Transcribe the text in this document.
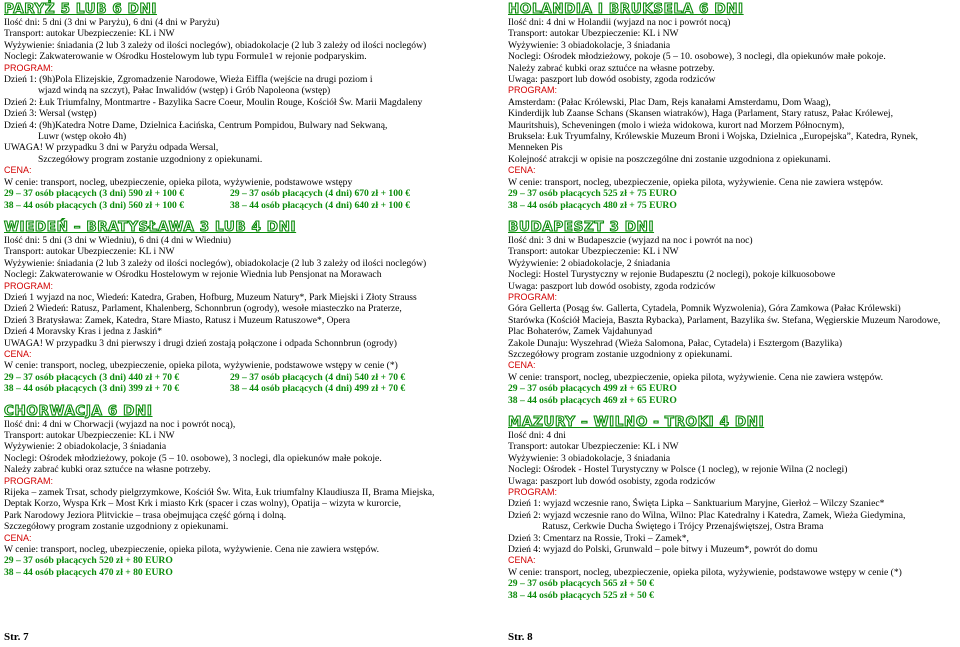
PARYŻ 5 LUB 6 DNI
Ilość dni: 5 dni (3 dni w Paryżu), 6 dni (4 dni w Paryżu)
Transport: autokar Ubezpieczenie: KL i NW
Wyżywienie: śniadania (2 lub 3 zależy od ilości noclegów), obiadokolacje (2 lub 3 zależy od ilości noclegów)
Noclegi: Zakwaterowanie w Ośrodku Hostelowym lub typu Formule1 w rejonie podparyskim.
PROGRAM:
Dzień 1: (9h)Pola Elizejskie, Zgromadzenie Narodowe, Wieża Eiffla (wejście na drugi poziom i
wjazd windą na szczyt), Pałac Inwalidów (wstęp) i Grób Napoleona (wstęp)
Dzień 2: Łuk Triumfalny, Montmartre - Bazylika Sacre Coeur, Moulin Rouge, Kościół Św. Marii Magdaleny
Dzień 3: Wersal (wstęp)
Dzień 4: (9h)Katedra Notre Dame, Dzielnica Łacińska, Centrum Pompidou, Bulwary nad Sekwaną,
Luwr (wstęp około 4h)
UWAGA! W przypadku 3 dni w Paryżu odpada Wersal,
Szczegółowy program zostanie uzgodniony z opiekunami.
CENA:
W cenie: transport, nocleg, ubezpieczenie, opieka pilota, wyżywienie, podstawowe wstępy
29 – 37 osób płacących (3 dni) 590 zł + 100 €	29 – 37 osób płacących (4 dni) 670 zł + 100 €
38 – 44 osób płacących (3 dni) 560 zł + 100 €	38 – 44 osób płacących (4 dni) 640 zł + 100 €
WIEDEŃ – BRATYSŁAWA 3 LUB 4 DNI
Ilość dni: 5 dni (3 dni w Wiedniu), 6 dni (4 dni w Wiedniu)
Transport: autokar Ubezpieczenie: KL i NW
Wyżywienie: śniadania (2 lub 3 zależy od ilości noclegów), obiadokolacje (2 lub 3 zależy od ilości noclegów)
Noclegi: Zakwaterowanie w Ośrodku Hostelowym w rejonie Wiednia lub Pensjonat na Morawach
PROGRAM:
Dzień 1 wyjazd na noc, Wiedeń: Katedra, Graben, Hofburg, Muzeum Natury*, Park Miejski i Złoty Strauss
Dzień 2 Wiedeń: Ratusz, Parlament, Khalenberg, Schonnbrun (ogrody), wesołe miasteczko na Praterze,
Dzień 3 Bratysława: Zamek, Katedra, Stare Miasto, Ratusz i Muzeum Ratuszowe*, Opera
Dzień 4 Moravsky Kras i jedna z Jaskiń*
UWAGA! W przypadku 3 dni pierwszy i drugi dzień zostają połączone i odpada Schonnbrun (ogrody)
CENA:
W cenie: transport, nocleg, ubezpieczenie, opieka pilota, wyżywienie, podstawowe wstępy w cenie (*)
29 – 37 osób płacących (3 dni) 440 zł + 70 €	29 – 37 osób płacących (4 dni) 540 zł + 70 €
38 – 44 osób płacących (3 dni) 399 zł + 70 €	38 – 44 osób płacących (4 dni) 499 zł + 70 €
CHORWACJA 6 DNI
Ilość dni: 4 dni w Chorwacji (wyjazd na noc i powrót nocą),
Transport: autokar Ubezpieczenie: KL i NW
Wyżywienie: 2 obiadokolacje, 3 śniadania
Noclegi: Ośrodek młodzieżowy, pokoje (5 – 10. osobowe), 3 noclegi, dla opiekunów małe pokoje.
Należy zabrać kubki oraz sztućce na własne potrzeby.
PROGRAM:
Rijeka – zamek Trsat, schody pielgrzymkowe, Kościół Św. Wita, Łuk triumfalny Klaudiusza II, Brama Miejska,
Deptak Korzo, Wyspa Krk – Most Krk i miasto Krk (spacer i czas wolny), Opatija – wizyta w kurorcie,
Park Narodowy Jeziora Plitvickie – trasa obejmująca część górną i dolną.
Szczegółowy program zostanie uzgodniony z opiekunami.
CENA:
W cenie: transport, nocleg, ubezpieczenie, opieka pilota, wyżywienie. Cena nie zawiera wstępów.
29 – 37 osób płacących 520 zł + 80 EURO
38 – 44 osób płacących 470 zł + 80 EURO
HOLANDIA I BRUKSELA 6 DNI
Ilość dni: 4 dni w Holandii (wyjazd na noc i powrót nocą)
Transport: autokar Ubezpieczenie: KL i NW
Wyżywienie: 3 obiadokolacje, 3 śniadania
Noclegi: Ośrodek młodzieżowy, pokoje (5 – 10. osobowe), 3 noclegi, dla opiekunów małe pokoje.
Należy zabrać kubki oraz sztućce na własne potrzeby.
Uwaga: paszport lub dowód osobisty, zgoda rodziców
PROGRAM:
Amsterdam: (Pałac Królewski, Plac Dam, Rejs kanałami Amsterdamu, Dom Waag),
Kinderdijk lub Zaanse Schans (Skansen wiatraków), Haga (Parlament, Stary ratusz, Pałac Królewej,
Mauritshuis), Scheveningen (molo i wieża widokowa, kurort nad Morzem Północnym),
Bruksela: Łuk Tryumfalny, Królewskie Muzeum Broni i Wojska, Dzielnica „Europejska”, Katedra, Rynek,
Menneken Pis
Kolejność atrakcji w opisie na poszczególne dni zostanie uzgodniona z opiekunami.
CENA:
W cenie: transport, nocleg, ubezpieczenie, opieka pilota, wyżywienie. Cena nie zawiera wstępów.
29 – 37 osób płacących 525 zł + 75 EURO
38 – 44 osób płacących 480 zł + 75 EURO
BUDAPESZT 3 DNI
Ilość dni: 3 dni w Budapeszcie (wyjazd na noc i powrót na noc)
Transport: autokar Ubezpieczenie: KL i NW
Wyżywienie: 2 obiadokolacje, 2 śniadania
Noclegi: Hostel Turystyczny w rejonie Budapesztu (2 noclegi), pokoje kilkuosobowe
Uwaga: paszport lub dowód osobisty, zgoda rodziców
PROGRAM:
Góra Gellerta (Posąg św. Gallerta, Cytadela, Pomnik Wyzwolenia), Góra Zamkowa (Pałac Królewski)
Starówka (Kościół Macieja, Baszta Rybacka), Parlament, Bazylika św. Stefana, Węgierskie Muzeum Narodowe,
Plac Bohaterów, Zamek Vajdahunyad
Zakole Dunaju: Wyszehrad (Wieża Salomona, Pałac, Cytadela) i Esztergom (Bazylika)
Szczegółowy program zostanie uzgodniony z opiekunami.
CENA:
W cenie: transport, nocleg, ubezpieczenie, opieka pilota, wyżywienie. Cena nie zawiera wstępów.
29 – 37 osób płacących 499 zł + 65 EURO
38 – 44 osób płacących 469 zł + 65 EURO
MAZURY – WILNO - TROKI 4 DNI
Ilość dni: 4 dni
Transport: autokar Ubezpieczenie: KL i NW
Wyżywienie: 3 obiadokolacje, 3 śniadania
Noclegi: Ośrodek - Hostel Turystyczny w Polsce (1 nocleg), w rejonie Wilna (2 noclegi)
Uwaga: paszport lub dowód osobisty, zgoda rodziców
PROGRAM:
Dzień 1: wyjazd wczesnie rano, Święta Lipka – Sanktuarium Maryjne, Gierłoż – Wilczy Szaniec*
Dzień 2: wyjazd wczesnie rano do Wilna, Wilno: Plac Katedralny i Katedra, Zamek, Wieża Giedymina,
Ratusz, Cerkwie Ducha Świętego i Trójcy Przenajświętszej, Ostra Brama
Dzień 3: Cmentarz na Rossie, Troki – Zamek*,
Dzień 4: wyjazd do Polski, Grunwald – pole bitwy i Muzeum*, powrót do domu
CENA:
W cenie: transport, nocleg, ubezpieczenie, opieka pilota, wyżywienie, podstawowe wstępy w cenie (*)
29 – 37 osób płacących 565 zł + 50 €
38 – 44 osób płacących 525 zł + 50 €
Str. 7	Str. 8
